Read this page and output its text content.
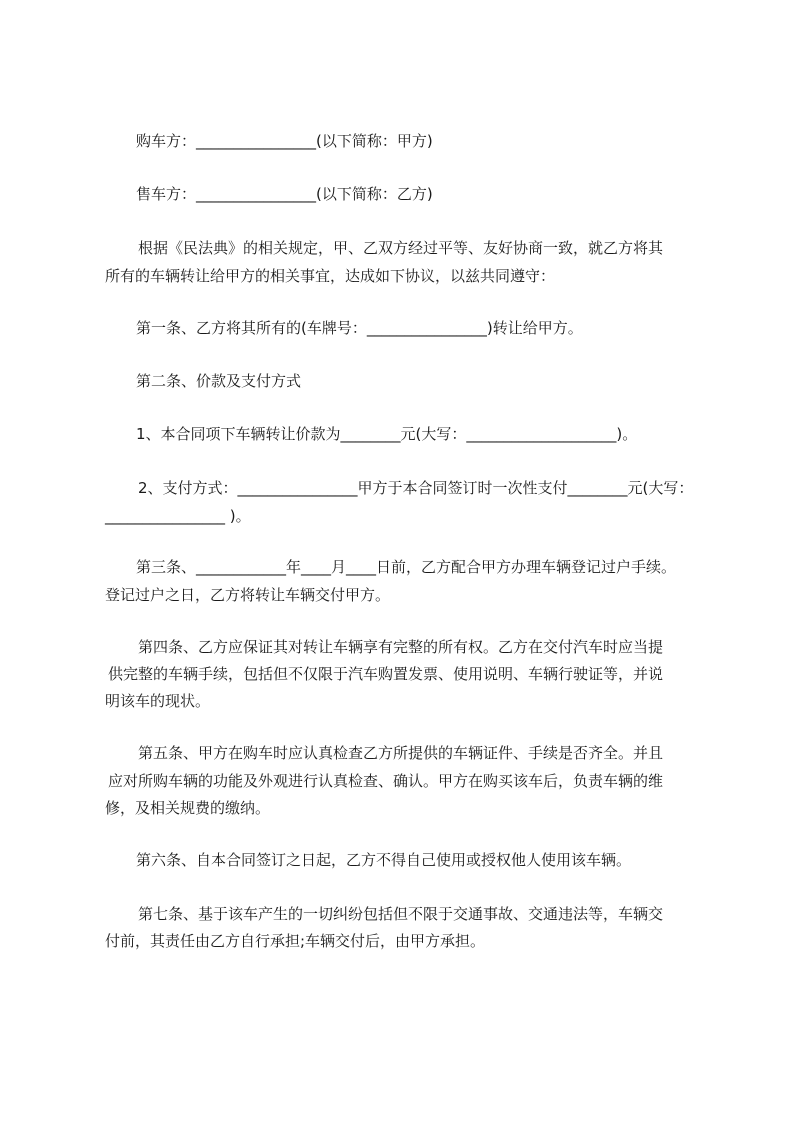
购车方：________________(以下简称：甲方)
售车方：________________(以下简称：乙方)
根据《民法典》的相关规定，甲、乙双方经过平等、友好协商一致，就乙方将其
所有的车辆转让给甲方的相关事宜，达成如下协议，以兹共同遵守：
第一条、乙方将其所有的(车牌号：________________)转让给甲方。
第二条、价款及支付方式
1、本合同项下车辆转让价款为________元(大写：____________________)。
2、支付方式：________________甲方于本合同签订时一次性支付________元(大写：
________________ )。
第三条、____________年____月____日前，乙方配合甲方办理车辆登记过户手续。
登记过户之日，乙方将转让车辆交付甲方。
第四条、乙方应保证其对转让车辆享有完整的所有权。乙方在交付汽车时应当提
供完整的车辆手续，包括但不仅限于汽车购置发票、使用说明、车辆行驶证等，并说
明该车的现状。
第五条、甲方在购车时应认真检查乙方所提供的车辆证件、手续是否齐全。并且
应对所购车辆的功能及外观进行认真检查、确认。甲方在购买该车后，负责车辆的维
修，及相关规费的缴纳。
第六条、自本合同签订之日起，乙方不得自己使用或授权他人使用该车辆。
第七条、基于该车产生的一切纠纷包括但不限于交通事故、交通违法等，车辆交
付前，其责任由乙方自行承担;车辆交付后，由甲方承担。
